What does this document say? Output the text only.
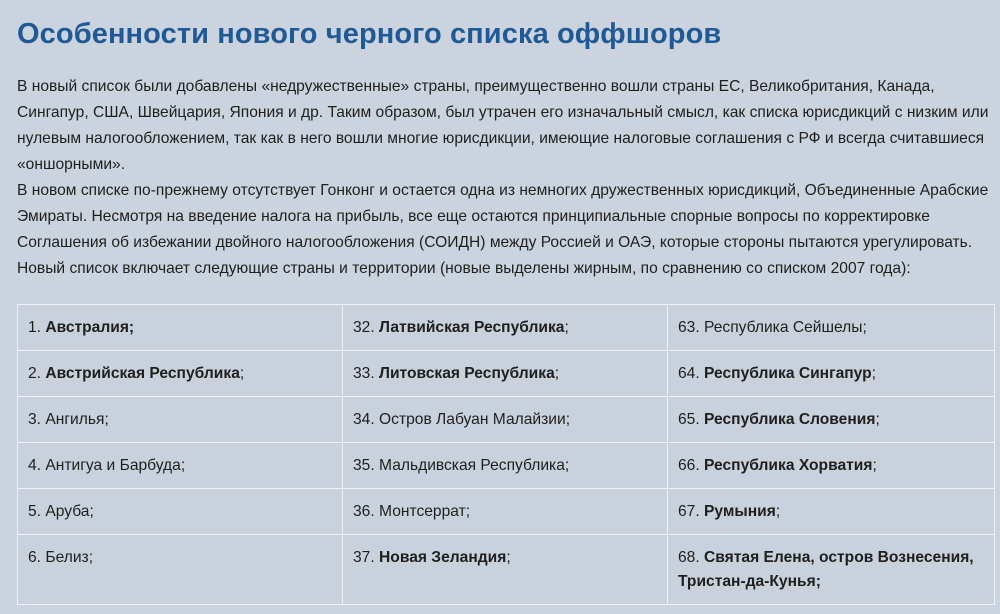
Особенности нового черного списка оффшоров

В новый список были добавлены «недружественные» страны, преимущественно вошли страны ЕС, Великобритания, Канада, Сингапур, США, Швейцария, Япония и др. Таким образом, был утрачен его изначальный смысл, как списка юрисдикций с низким или нулевым налогообложением, так как в него вошли многие юрисдикции, имеющие налоговые соглашения с РФ и всегда считавшиеся «оншорными».

В новом списке по-прежнему отсутствует Гонконг и остается одна из немногих дружественных юрисдикций, Объединенные Арабские Эмираты. Несмотря на введение налога на прибыль, все еще остаются принципиальные спорные вопросы по корректировке Соглашения об избежании двойного налогообложения (СОИДН) между Россией и ОАЭ, которые стороны пытаются урегулировать.

Новый список включает следующие страны и территории (новые выделены жирным, по сравнению со списком 2007 года):

1. Австралия;	32. Латвийская Республика;	63. Республика Сейшелы;

2. Австрийская Республика;	33. Литовская Республика;	64. Республика Сингапур;

3. Ангилья;	34. Остров Лабуан Малайзии;	65. Республика Словения;

4. Антигуа и Барбуда;	35. Мальдивская Республика;	66. Республика Хорватия;

5. Аруба;	36. Монтсеррат;	67. Румыния;

6. Белиз;	37. Новая Зеландия;	68. Святая Елена, остров Вознесения, Тристан-да-Кунья;
